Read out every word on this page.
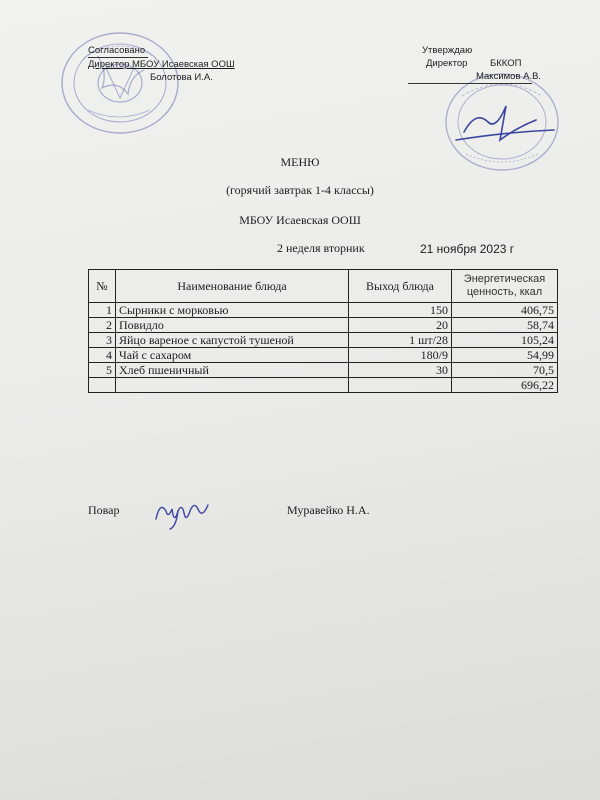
Согласовано
Директор МБОУ Исаевская ООШ
Болотова И.А.
Утверждаю
Директор БККОП
Максимов А.В.
МЕНЮ
(горячий завтрак 1-4 классы)
МБОУ Исаевская ООШ
2 неделя вторник	21 ноября 2023 г
№	Наименование блюда	Выход блюда	Энергетическая
ценность, ккал
1	Сырники с морковью	150	406,75
2	Повидло	20	58,74
3	Яйцо вареное с капустой тушеной	1 шт/28	105,24
4	Чай с сахаром	180/9	54,99
5	Хлеб пшеничный	30	70,5
			696,22
Повар	Муравейко Н.А.
